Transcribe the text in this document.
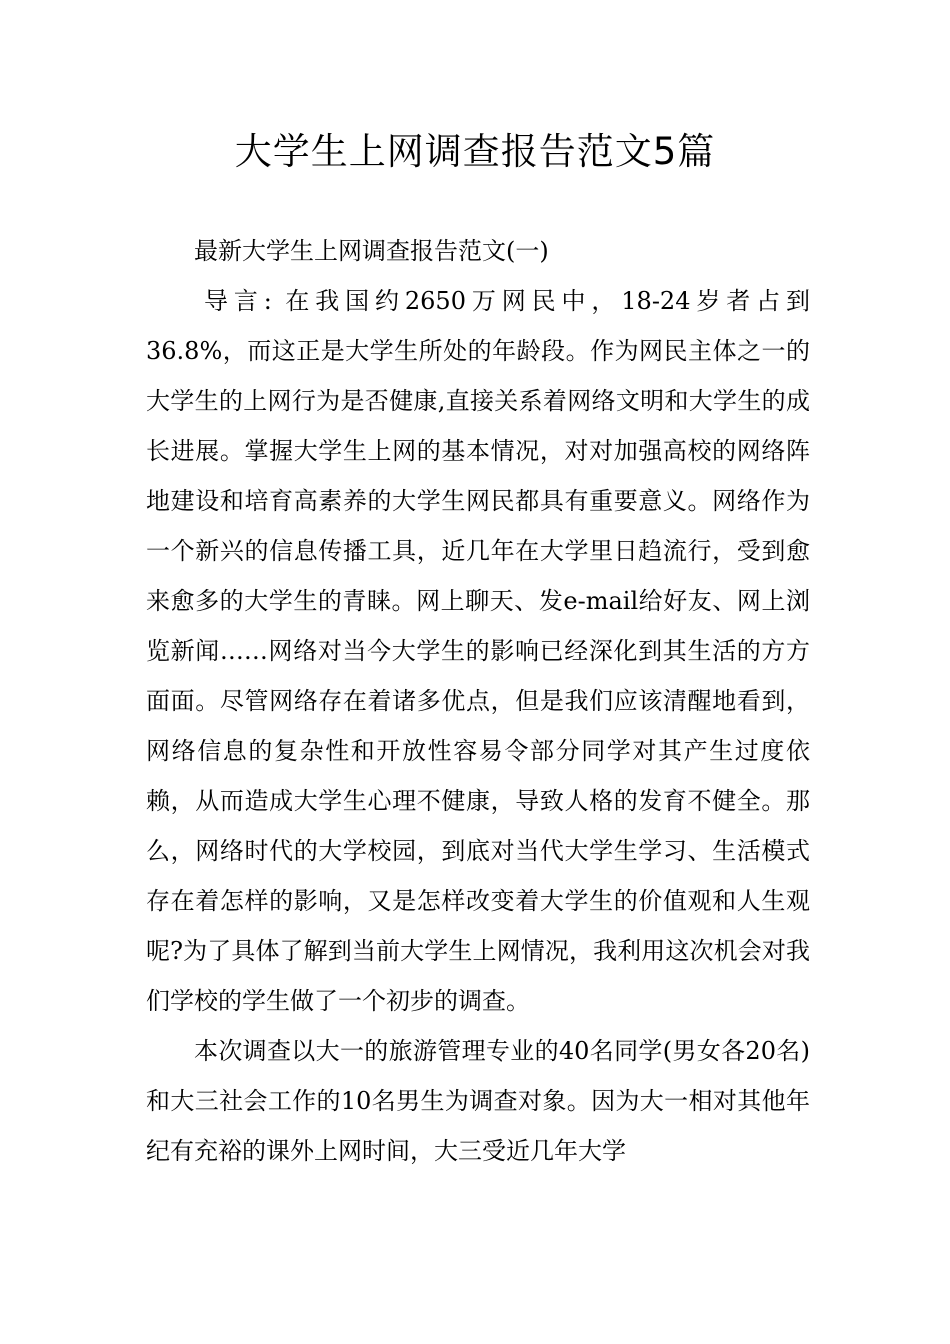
大学生上网调查报告范文5篇

最新大学生上网调查报告范文(一)

导言: 在我国约2650万网民中，18-24岁者占到36.8%，而这正是大学生所处的年龄段。作为网民主体之一的大学生的上网行为是否健康,直接关系着网络文明和大学生的成长进展。掌握大学生上网的基本情况，对对加强高校的网络阵地建设和培育高素养的大学生网民都具有重要意义。网络作为一个新兴的信息传播工具，近几年在大学里日趋流行，受到愈来愈多的大学生的青睐。网上聊天、发e-mail给好友、网上浏览新闻……网络对当今大学生的影响已经深化到其生活的方方面面。尽管网络存在着诸多优点，但是我们应该清醒地看到，网络信息的复杂性和开放性容易令部分同学对其产生过度依赖，从而造成大学生心理不健康，导致人格的发育不健全。那么，网络时代的大学校园，到底对当代大学生学习、生活模式存在着怎样的影响，又是怎样改变着大学生的价值观和人生观呢?为了具体了解到当前大学生上网情况，我利用这次机会对我们学校的学生做了一个初步的调查。

本次调查以大一的旅游管理专业的40名同学(男女各20名)和大三社会工作的10名男生为调查对象。因为大一相对其他年纪有充裕的课外上网时间，大三受近几年大学
